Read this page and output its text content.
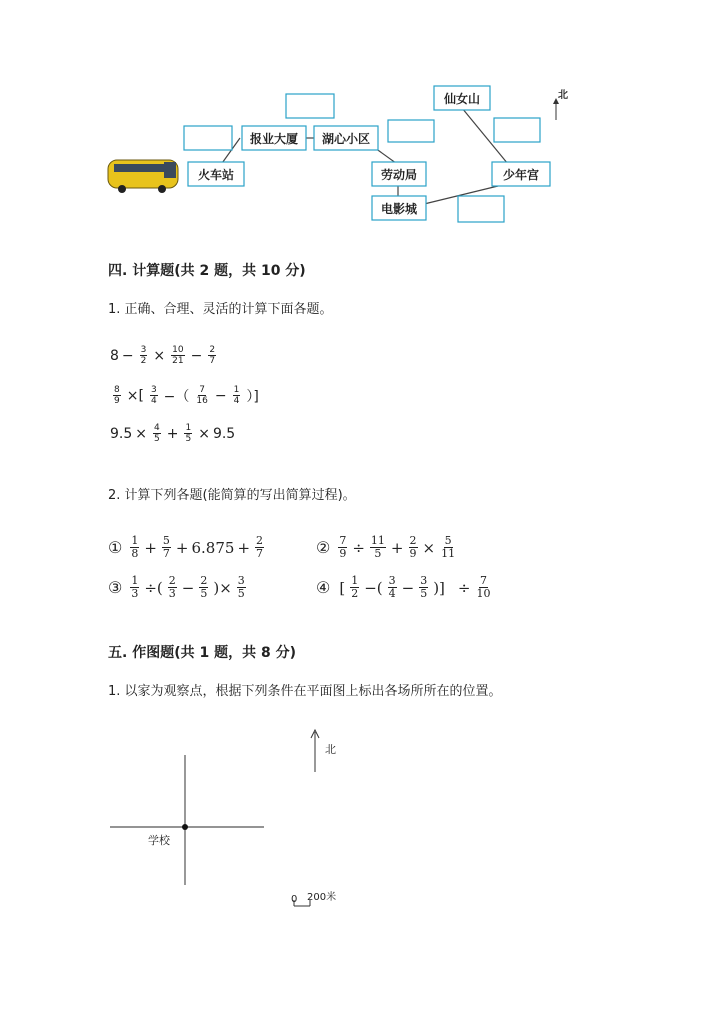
报业大厦 湖心小区
火车站
仙女山
劳动局	少年宫
电影城
北
四. 计算题(共 2 题，共 10 分)
1. 正确、合理、灵活的计算下面各题。
$8 - \frac{3}{2} \times \frac{10}{21} - \frac{2}{7}$
$\frac{8}{9}$ ×[ $\frac{3}{4}$ −（ $\frac{7}{16} - \frac{1}{4}$ ）]
$9.5 \times \frac{4}{5} + \frac{1}{5} \times 9.5$
2. 计算下列各题(能简算的写出简算过程)。
① $\frac{1}{8} + \frac{5}{7} + 6.875 + \frac{2}{7}$	② $\frac{7}{9} \div \frac{11}{5} + \frac{2}{9} \times \frac{5}{11}$
③ $\frac{1}{3}$ ÷( $\frac{2}{3} - \frac{2}{5}$ )× $\frac{3}{5}$	④ [ $\frac{1}{2}$ −( $\frac{3}{4} - \frac{3}{5}$ )] ÷ $\frac{7}{10}$
五. 作图题(共 1 题，共 8 分)
1. 以家为观察点，根据下列条件在平面图上标出各场所所在的位置。
学校
北
0 200米
